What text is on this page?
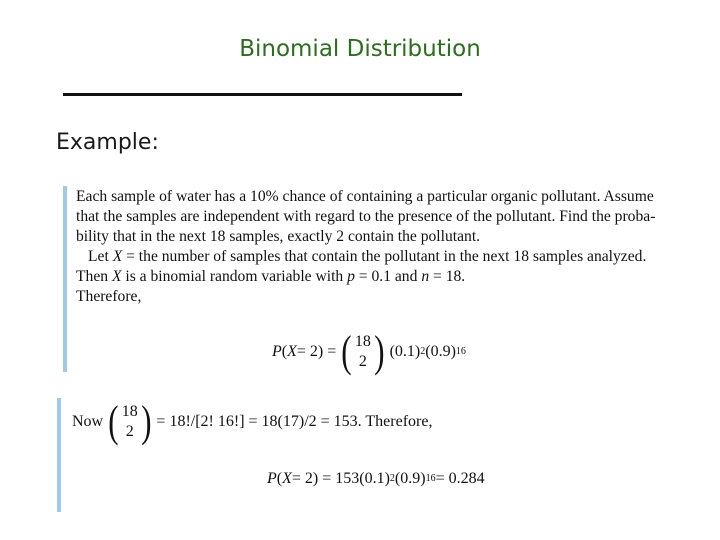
Binomial Distribution
Example:
Each sample of water has a 10% chance of containing a particular organic pollutant. Assume
that the samples are independent with regard to the presence of the pollutant. Find the proba-
bility that in the next 18 samples, exactly 2 contain the pollutant.
Let X = the number of samples that contain the pollutant in the next 18 samples analyzed.
Then X is a binomial random variable with p = 0.1 and n = 18.
Therefore,
P ( X = 2) = ( 18
2 ) (0.1) 2 (0.9) 16
Now ( 18
2 ) = 18!/[2! 16!] = 18(17)/2 = 153. Therefore,
P ( X = 2) = 153 (0.1) 2 (0.9) 16 = 0.284
